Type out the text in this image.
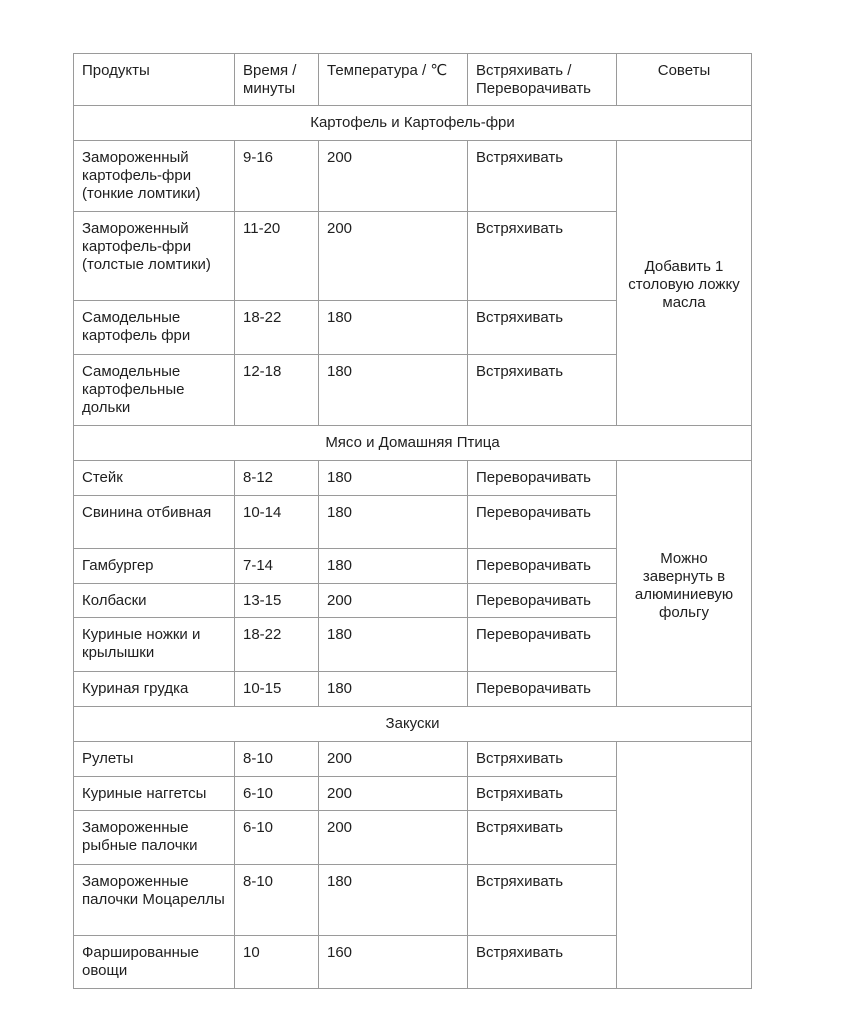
Продукты	Время / минуты	Температура / ℃	Встряхивать / Переворачивать	Советы
Картофель и Картофель-фри				
Замороженный картофель-фри (тонкие ломтики)	9-16	200	Встряхивать	Добавить 1 столовую ложку масла
Замороженный картофель-фри (толстые ломтики)	11-20	200	Встряхивать	
Самодельные картофель фри	18-22	180	Встряхивать	
Самодельные картофельные дольки	12-18	180	Встряхивать	
Мясо и Домашняя Птица				
Стейк	8-12	180	Переворачивать	Можно завернуть в алюминиевую фольгу
Свинина отбивная	10-14	180	Переворачивать	
Гамбургер	7-14	180	Переворачивать	
Колбаски	13-15	200	Переворачивать	
Куриные ножки и крылышки	18-22	180	Переворачивать	
Куриная грудка	10-15	180	Переворачивать	
Закуски				
Рулеты	8-10	200	Встряхивать	
Куриные наггетсы	6-10	200	Встряхивать	
Замороженные рыбные палочки	6-10	200	Встряхивать	
Замороженные палочки Моцареллы	8-10	180	Встряхивать	
Фаршированные овощи	10	160	Встряхивать	
